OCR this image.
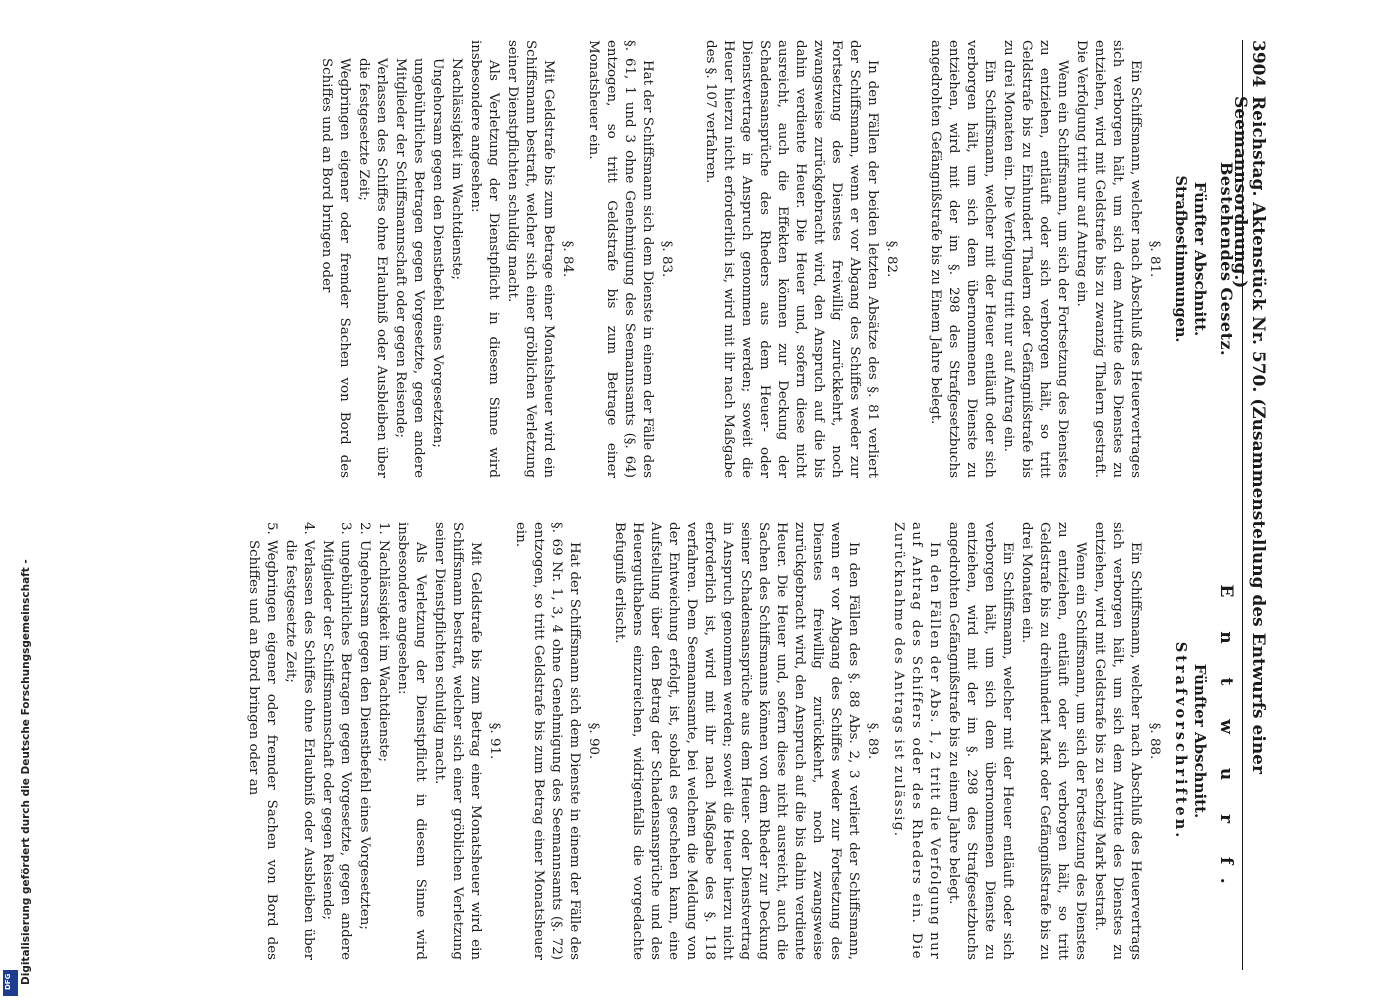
3904
Reichstag. Aktenstück Nr. 570. (Zusammenstellung des Entwurfs einer Seemannsordnung.)
Bestehendes Gesetz.
Fünfter Abschnitt.
Strafbestimmungen.
§. 81.

Ein Schiffsmann, welcher nach Abschluß des Heuervertrages sich verborgen hält, um sich dem Antritte des Dienstes zu entziehen, wird mit Geldstrafe bis zu zwanzig Thalern gestraft. Die Verfolgung tritt nur auf Antrag ein.

Wenn ein Schiffsmann, um sich der Fortsetzung des Dienstes zu entziehen, entläuft oder sich verborgen hält, so tritt Geldstrafe bis zu Einhundert Thalern oder Gefängnißstrafe bis zu drei Monaten ein. Die Verfolgung tritt nur auf Antrag ein.

Ein Schiffsmann, welcher mit der Heuer entläuft oder sich verborgen hält, um sich dem übernommenen Dienste zu entziehen, wird mit der im §. 298 des Strafgesetzbuchs angedrohten Gefängnißstrafe bis zu Einem Jahre belegt.

§. 82.

In den Fällen der beiden letzten Absätze des §. 81 verliert der Schiffsmann, wenn er vor Abgang des Schiffes weder zur Fortsetzung des Dienstes freiwillig zurückkehrt, noch zwangsweise zurückgebracht wird, den Anspruch auf die bis dahin verdiente Heuer. Die Heuer und, sofern diese nicht ausreicht, auch die Effekten können zur Deckung der Schadensansprüche des Rheders aus dem Heuer- oder Dienstvertrage in Anspruch genommen werden; soweit die Heuer hierzu nicht erforderlich ist, wird mit ihr nach Maßgabe des §. 107 verfahren.

§. 83.

Hat der Schiffsmann sich dem Dienste in einem der Fälle des §. 61, 1 und 3 ohne Genehmigung des Seemannsamts (§. 64) entzogen, so tritt Geldstrafe bis zum Betrage einer Monatsheuer ein.

§. 84.

Mit Geldstrafe bis zum Betrage einer Monatsheuer wird ein Schiffsmann bestraft, welcher sich einer gröblichen Verletzung seiner Dienstpflichten schuldig macht.

Als Verletzung der Dienstpflicht in diesem Sinne wird insbesondere angesehen:

Nachlässigkeit im Wachtdienste;
Ungehorsam gegen den Dienstbefehl eines Vorgesetzten;
ungebührliches Betragen gegen Vorgesetzte, gegen andere Mitglieder der Schiffsmannschaft oder gegen Reisende;
Verlassen des Schiffes ohne Erlaubniß oder Ausbleiben über die festgesetzte Zeit;
Wegbringen eigener oder fremder Sachen von Bord des Schiffes und an Bord bringen oder
E n t w u r f.
Fünfter Abschnitt.
Strafvorschriften.
§. 88.

Ein Schiffsmann, welcher nach Abschluß des Heuervertrags sich verborgen hält, um sich dem Antritte des Dienstes zu entziehen, wird mit Geldstrafe bis zu sechzig Mark bestraft.

Wenn ein Schiffsmann, um sich der Fortsetzung des Dienstes zu entziehen, entläuft oder sich verborgen hält, so tritt Geldstrafe bis zu dreihundert Mark oder Gefängnißstrafe bis zu drei Monaten ein.

Ein Schiffsmann, welcher mit der Heuer entläuft oder sich verborgen hält, um sich dem übernommenen Dienste zu entziehen, wird mit der im §. 298 des Strafgesetzbuchs angedrohten Gefängnißstrafe bis zu einem Jahre belegt.

In den Fällen der Abs. 1, 2 tritt die Verfolgung nur auf Antrag des Schiffers oder des Rheders ein. Die Zurücknahme des Antrags ist zulässig.

§. 89.

In den Fällen des §. 88 Abs. 2, 3 verliert der Schiffsmann, wenn er vor Abgang des Schiffes weder zur Fortsetzung des Dienstes freiwillig zurückkehrt, noch zwangsweise zurückgebracht wird, den Anspruch auf die bis dahin verdiente Heuer. Die Heuer und, sofern diese nicht ausreicht, auch die Sachen des Schiffsmanns können von dem Rheder zur Deckung seiner Schadensansprüche aus dem Heuer- oder Dienstvertrag in Anspruch genommen werden; soweit die Heuer hierzu nicht erforderlich ist, wird mit ihr nach Maßgabe des §. 118 verfahren. Dem Seemannsamte, bei welchem die Meldung von der Entweichung erfolgt, ist, sobald es geschehen kann, eine Aufstellung über den Betrag der Schadensansprüche und des Heuerguthabens einzureichen, widrigenfalls die vorgedachte Befugniß erlischt.

§. 90.

Hat der Schiffsmann sich dem Dienste in einem der Fälle des §. 69 Nr. 1, 3, 4 ohne Genehmigung des Seemannsamts (§. 72) entzogen, so tritt Geldstrafe bis zum Betrag einer Monatsheuer ein.

§. 91.

Mit Geldstrafe bis zum Betrag einer Monatsheuer wird ein Schiffsmann bestraft, welcher sich einer gröblichen Verletzung seiner Dienstpflichten schuldig macht.

Als Verletzung der Dienstpflicht in diesem Sinne wird insbesondere angesehen:

1.Nachlässigkeit im Wachtdienste;
2.Ungehorsam gegen den Dienstbefehl eines Vorgesetzten;
3.ungebührliches Betragen gegen Vorgesetzte, gegen andere Mitglieder der Schiffsmannschaft oder gegen Reisende;
4.Verlassen des Schiffes ohne Erlaubniß oder Ausbleiben über die festgesetzte Zeit;
5.Wegbringen eigener oder fremder Sachen von Bord des Schiffes und an Bord bringen oder an
Digitalisierung gefördert durch die Deutsche Forschungsgemeinschaft -
DFG
